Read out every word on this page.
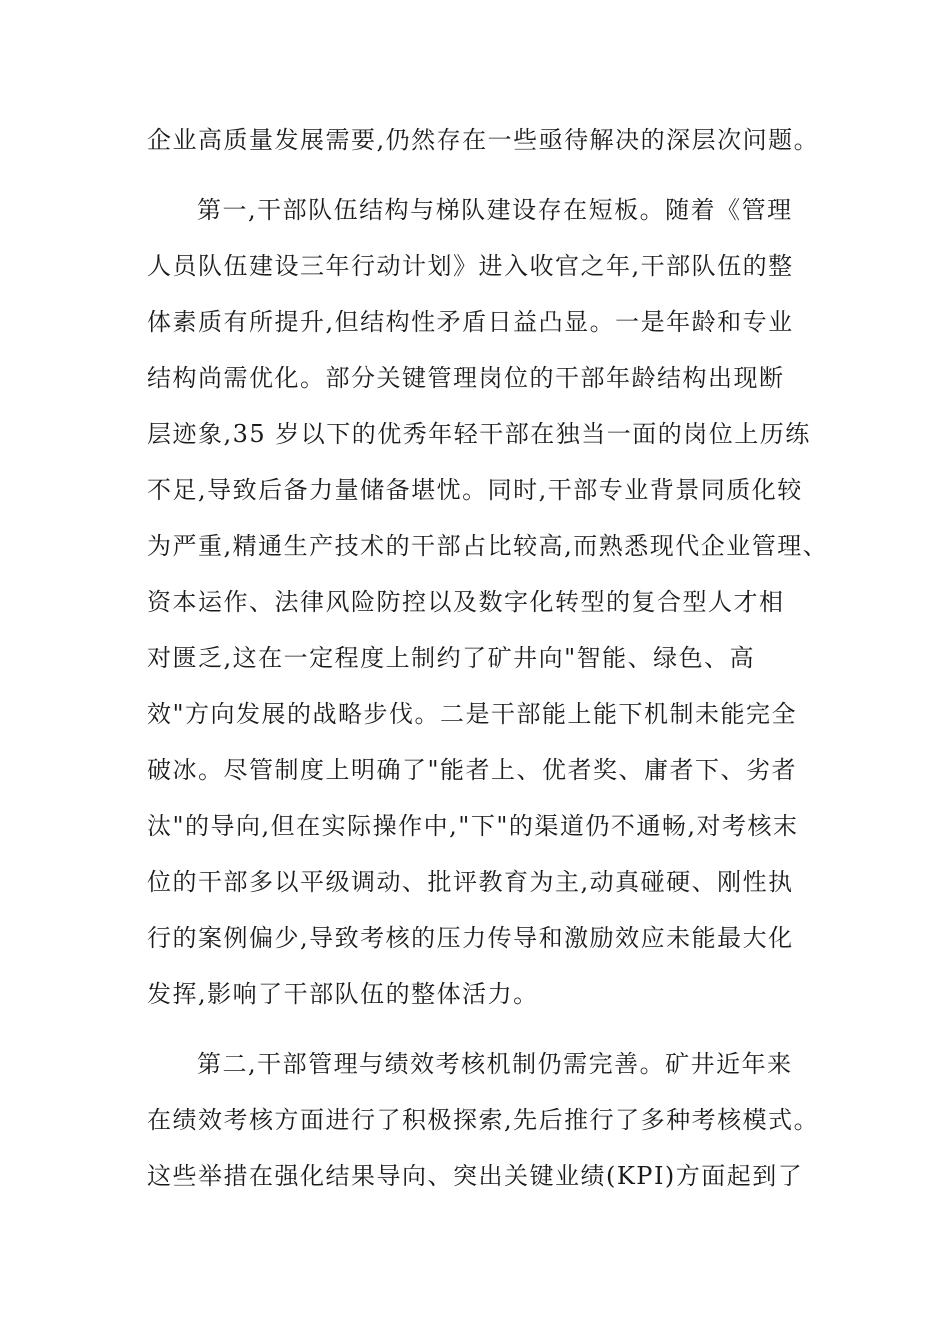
企业高质量发展需要,仍然存在一些亟待解决的深层次问题。

第一,干部队伍结构与梯队建设存在短板。随着《管理

人员队伍建设三年行动计划》进入收官之年,干部队伍的整

体素质有所提升,但结构性矛盾日益凸显。一是年龄和专业

结构尚需优化。部分关键管理岗位的干部年龄结构出现断

层迹象,35 岁以下的优秀年轻干部在独当一面的岗位上历练

不足,导致后备力量储备堪忧。同时,干部专业背景同质化较

为严重,精通生产技术的干部占比较高,而熟悉现代企业管理、

资本运作、法律风险防控以及数字化转型的复合型人才相

对匮乏,这在一定程度上制约了矿井向"智能、绿色、高

效"方向发展的战略步伐。二是干部能上能下机制未能完全

破冰。尽管制度上明确了"能者上、优者奖、庸者下、劣者

汰"的导向,但在实际操作中,"下"的渠道仍不通畅,对考核末

位的干部多以平级调动、批评教育为主,动真碰硬、刚性执

行的案例偏少,导致考核的压力传导和激励效应未能最大化

发挥,影响了干部队伍的整体活力。

第二,干部管理与绩效考核机制仍需完善。矿井近年来

在绩效考核方面进行了积极探索,先后推行了多种考核模式。

这些举措在强化结果导向、突出关键业绩(KPI)方面起到了
